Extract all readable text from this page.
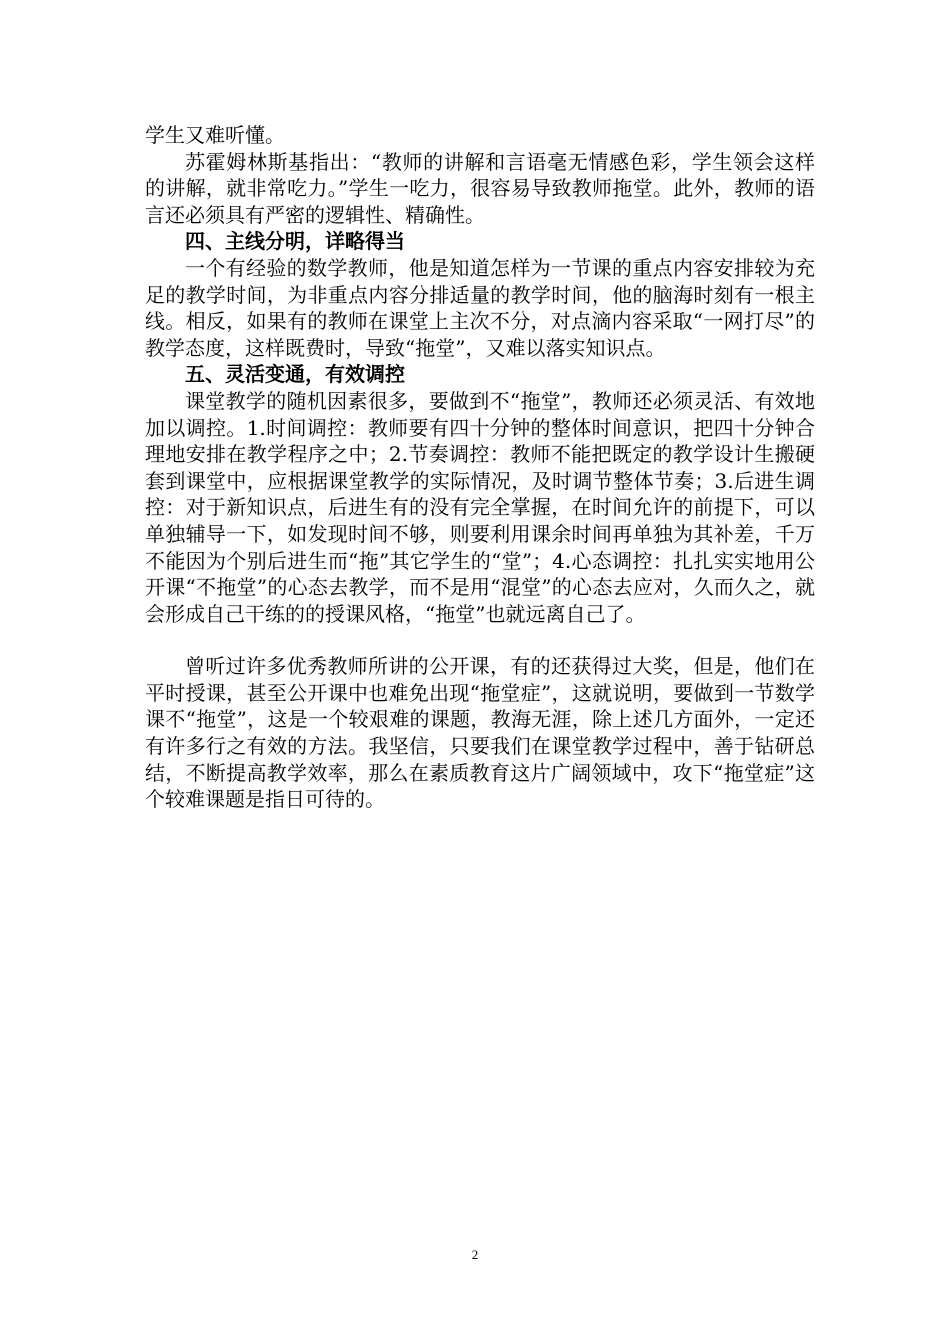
学生又难听懂。

苏霍姆林斯基指出：“教师的讲解和言语毫无情感色彩，学生领会这样的讲解，就非常吃力。”学生一吃力，很容易导致教师拖堂。此外，教师的语言还必须具有严密的逻辑性、精确性。

四、主线分明，详略得当

一个有经验的数学教师，他是知道怎样为一节课的重点内容安排较为充足的教学时间，为非重点内容分排适量的教学时间，他的脑海时刻有一根主线。相反，如果有的教师在课堂上主次不分，对点滴内容采取“一网打尽”的教学态度，这样既费时，导致“拖堂”，又难以落实知识点。

五、灵活变通，有效调控

课堂教学的随机因素很多，要做到不“拖堂”，教师还必须灵活、有效地加以调控。1.时间调控：教师要有四十分钟的整体时间意识，把四十分钟合理地安排在教学程序之中；2.节奏调控：教师不能把既定的教学设计生搬硬套到课堂中，应根据课堂教学的实际情况，及时调节整体节奏；3.后进生调控：对于新知识点，后进生有的没有完全掌握，在时间允许的前提下，可以单独辅导一下，如发现时间不够，则要利用课余时间再单独为其补差，千万不能因为个别后进生而“拖”其它学生的“堂”；4.心态调控：扎扎实实地用公开课“不拖堂”的心态去教学，而不是用“混堂”的心态去应对，久而久之，就会形成自己干练的的授课风格，“拖堂”也就远离自己了。

曾听过许多优秀教师所讲的公开课，有的还获得过大奖，但是，他们在平时授课，甚至公开课中也难免出现“拖堂症”，这就说明，要做到一节数学课不“拖堂”，这是一个较艰难的课题，教海无涯，除上述几方面外，一定还有许多行之有效的方法。我坚信，只要我们在课堂教学过程中，善于钻研总结，不断提高教学效率，那么在素质教育这片广阔领域中，攻下“拖堂症”这个较难课题是指日可待的。

2
